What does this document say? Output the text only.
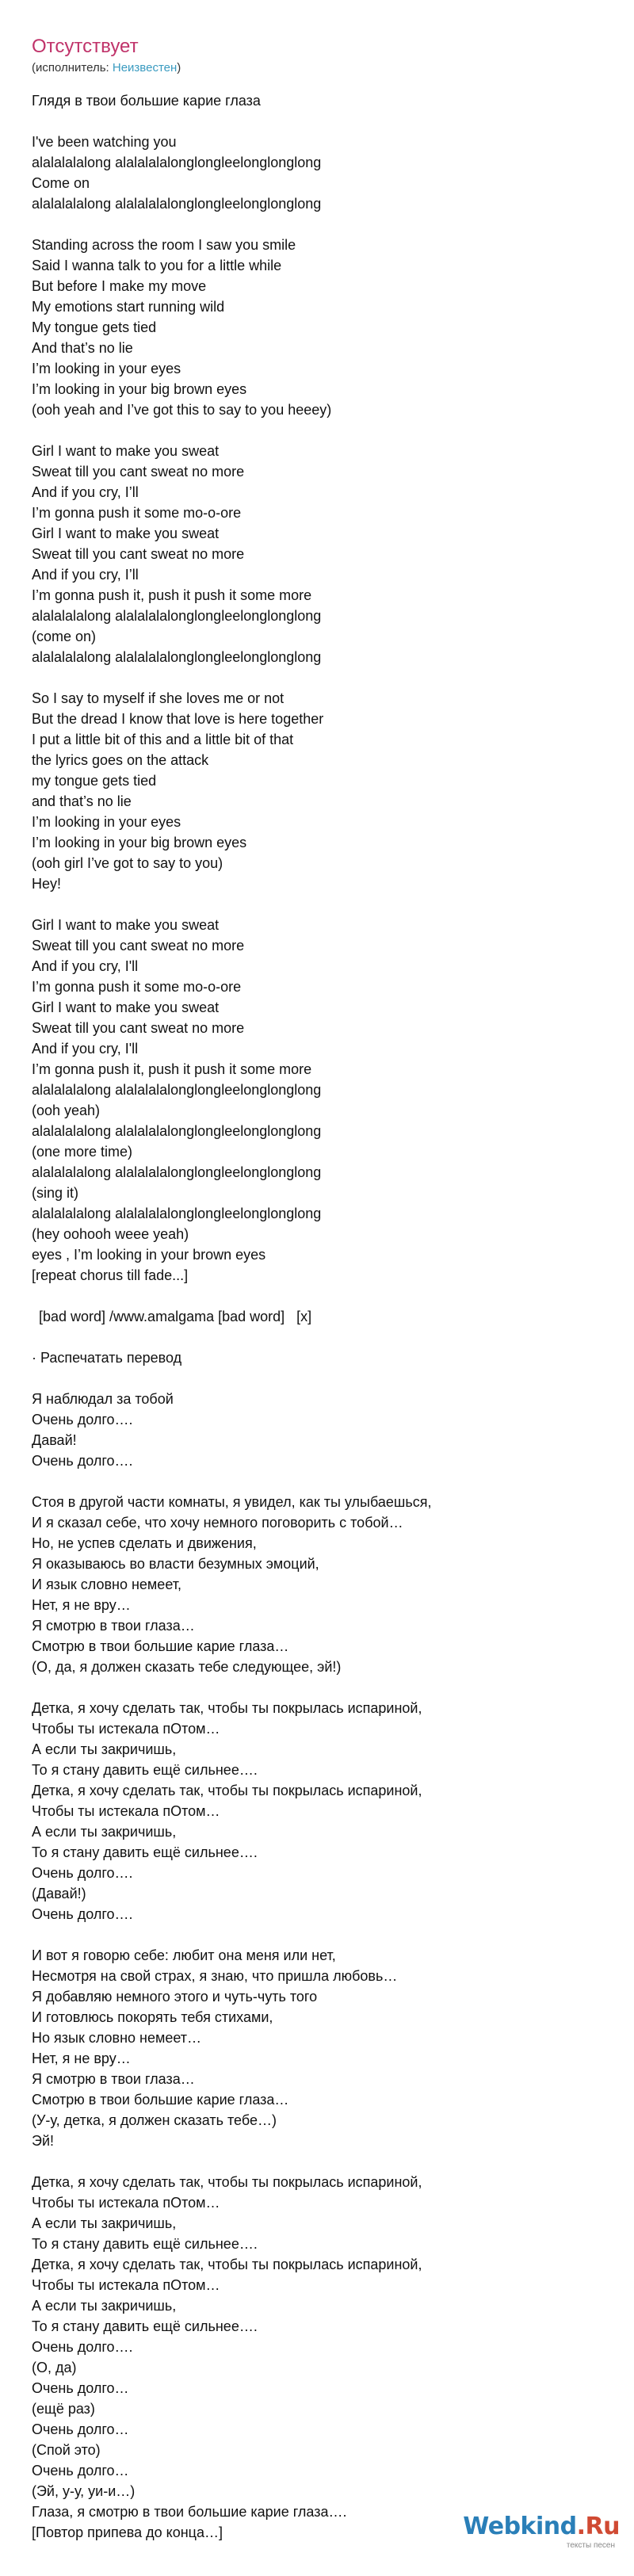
Отсутствует
(исполнитель: Неизвестен)
Глядя в твои большие карие глаза
I've been watching you
alalalalalong alalalalalonglongleelonglonglong
Come on
alalalalalong alalalalalonglongleelonglonglong
Standing across the room I saw you smile
Said I wanna talk to you for a little while
But before I make my move
My emotions start running wild
My tongue gets tied
And that’s no lie
I’m looking in your eyes
I’m looking in your big brown eyes
(ooh yeah and I’ve got this to say to you heeey)
Girl I want to make you sweat
Sweat till you cant sweat no more
And if you cry, I’ll
I’m gonna push it some mo-o-ore
Girl I want to make you sweat
Sweat till you cant sweat no more
And if you cry, I’ll
I’m gonna push it, push it push it some more
alalalalalong alalalalalonglongleelonglonglong
(come on)
alalalalalong alalalalalonglongleelonglonglong
So I say to myself if she loves me or not
But the dread I know that love is here together
I put a little bit of this and a little bit of that
the lyrics goes on the attack
my tongue gets tied
and that’s no lie
I’m looking in your eyes
I’m looking in your big brown eyes
(ooh girl I’ve got to say to you)
Hey!
Girl I want to make you sweat
Sweat till you cant sweat no more
And if you cry, I'll
I’m gonna push it some mo-o-ore
Girl I want to make you sweat
Sweat till you cant sweat no more
And if you cry, I'll
I’m gonna push it, push it push it some more
alalalalalong alalalalalonglongleelonglonglong
(ooh yeah)
alalalalalong alalalalalonglongleelonglonglong
(one more time)
alalalalalong alalalalalonglongleelonglonglong
(sing it)
alalalalalong alalalalalonglongleelonglonglong
(hey oohooh weee yeah)
eyes , I’m looking in your brown eyes
[repeat chorus till fade...]
[bad word] /www.amalgama [bad word]   [x]
· Распечатать перевод
Я наблюдал за тобой
Очень долго….
Давай!
Очень долго….
Стоя в другой части комнаты, я увидел, как ты улыбаешься,
И я сказал себе, что хочу немного поговорить с тобой…
Но, не успев сделать и движения,
Я оказываюсь во власти безумных эмоций,
И язык словно немеет,
Нет, я не вру…
Я смотрю в твои глаза…
Смотрю в твои большие карие глаза…
(О, да, я должен сказать тебе следующее, эй!)
Детка, я хочу сделать так, чтобы ты покрылась испариной,
Чтобы ты истекала пОтом…
А если ты закричишь,
То я стану давить ещё сильнее….
Детка, я хочу сделать так, чтобы ты покрылась испариной,
Чтобы ты истекала пОтом…
А если ты закричишь,
То я стану давить ещё сильнее….
Очень долго….
(Давай!)
Очень долго….
И вот я говорю себе: любит она меня или нет,
Несмотря на свой страх, я знаю, что пришла любовь…
Я добавляю немного этого и чуть-чуть того
И готовлюсь покорять тебя стихами,
Но язык словно немеет…
Нет, я не вру…
Я смотрю в твои глаза…
Смотрю в твои большие карие глаза…
(У-у, детка, я должен сказать тебе…)
Эй!
Детка, я хочу сделать так, чтобы ты покрылась испариной,
Чтобы ты истекала пОтом…
А если ты закричишь,
То я стану давить ещё сильнее….
Детка, я хочу сделать так, чтобы ты покрылась испариной,
Чтобы ты истекала пОтом…
А если ты закричишь,
То я стану давить ещё сильнее….
Очень долго….
(О, да)
Очень долго…
(ещё раз)
Очень долго…
(Спой это)
Очень долго…
(Эй, у-у, уи-и…)
Глаза, я смотрю в твои большие карие глаза….
[Повтор припева до конца…]	Webkind.Ru
тексты песен
